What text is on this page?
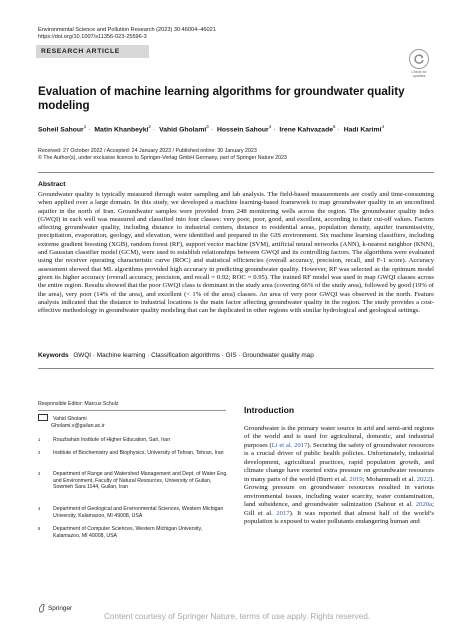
Environmental Science and Pollution Research (2023) 30:46004–46021
https://doi.org/10.1007/s11356-023-25596-3
RESEARCH ARTICLE
Check for
updates
Evaluation of machine learning algorithms for groundwater quality modeling
Soheil Sahour$^1$ · Matin Khanbeyki$^2$ · Vahid Gholami$^3$ · Hossein Sahour$^4$ · Irene Kahvazade$^5$ · Hadi Karimi$^4$
Received: 27 October 2022 / Accepted: 24 January 2023 / Published online: 30 January 2023
© The Author(s), under exclusive licence to Springer-Verlag GmbH Germany, part of Springer Nature 2023
Abstract
Groundwater quality is typically measured through water sampling and lab analysis. The field-based measurements are costly and time-consuming when applied over a large domain. In this study, we developed a machine learning-based framework to map groundwater quality in an unconfined aquifer in the north of Iran. Groundwater samples were provided from 248 monitoring wells across the region. The groundwater quality index (GWQI) in each well was measured and classified into four classes: very poor, poor, good, and excellent, according to their cut-off values. Factors affecting groundwater quality, including distance to industrial centers, distance to residential areas, population density, aquifer transmissivity, precipitation, evaporation, geology, and elevation, were identified and prepared in the GIS environment. Six machine learning classifiers, including extreme gradient boosting (XGB), random forest (RF), support vector machine (SVM), artificial neural networks (ANN), k-nearest neighbor (KNN), and Gaussian classifier model (GCM), were used to establish relationships between GWQI and its controlling factors. The algorithms were evaluated using the receiver operating characteristic curve (ROC) and statistical efficiencies (overall accuracy, precision, recall, and F-1 score). Accuracy assessment showed that ML algorithms provided high accuracy in predicting groundwater quality. However, RF was selected as the optimum model given its higher accuracy (overall accuracy, precision, and recall = 0.92; ROC = 0.95). The trained RF model was used to map GWQI classes across the entire region. Results showed that the poor GWQI class is dominant in the study area (covering 66% of the study area), followed by good (19% of the area), very poor (14% of the area), and excellent (< 1% of the area) classes. An area of very poor GWQI was observed in the north. Feature analysis indicated that the distance to industrial locations is the main factor affecting groundwater quality in the region. The study provides a cost-effective methodology in groundwater quality modeling that can be duplicated in other regions with similar hydrological and geological settings.
Keywords GWQI · Machine learning · Classification algorithms · GIS · Groundwater quality map
Responsible Editor: Marcus Schulz
Vahid Gholami
Gholami.v@guilan.ac.ir
1 Rouzbahan Institute of Higher Education, Sari, Iran
2 Institute of Biochemistry and Biophysics, University of Tehran, Tehran, Iran
3 Department of Range and Watershed Management and Dept. of Water Eng. and Environment, Faculty of Natural Resources, University of Guilan, Sowmeh Sara 1144, Guilan, Iran
4 Department of Geological and Environmental Sciences, Western Michigan University, Kalamazoo, MI 49008, USA
5 Department of Computer Sciences, Western Michigan University, Kalamazoo, MI 49008, USA
Introduction
Groundwater is the primary water source in arid and semi-arid regions of the world and is used for agricultural, domestic, and industrial purposes (Li et al. 2017). Securing the safety of groundwater resources is a crucial driver of public health policies. Unfortunately, industrial development, agricultural practices, rapid population growth, and climate change have exerted extra pressure on groundwater resources in many parts of the world (Burri et al. 2019; Mohammadi et al. 2022). Growing pressure on groundwater resources resulted in various environmental issues, including water scarcity, water contamination, land subsidence, and groundwater salinization (Sahour et al. 2020a; Gill et al. 2017). It was reported that almost half of the world’s population is exposed to water pollutants endangering human and
Springer
Content courtesy of Springer Nature, terms of use apply. Rights reserved.
